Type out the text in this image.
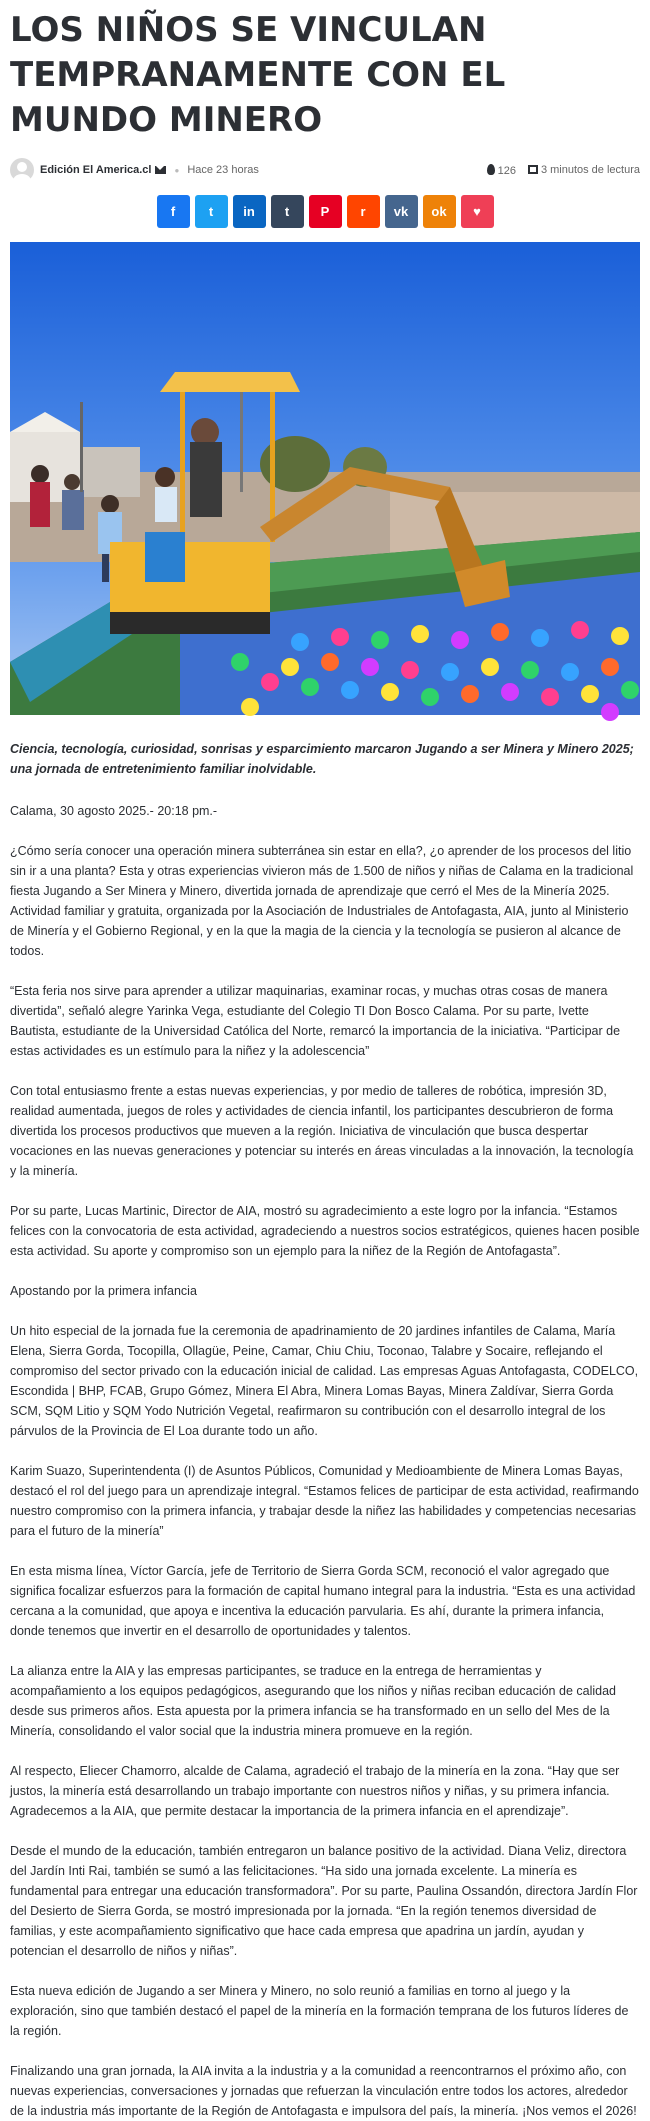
LOS NIÑOS SE VINCULAN TEMPRANAMENTE CON EL MUNDO MINERO
Edición El America.cl	● Hace 23 horas	126	3 minutos de lectura
f	t in t P r vk ok ♥

Ciencia, tecnología, curiosidad, sonrisas y esparcimiento marcaron Jugando a ser Minera y Minero 2025; una jornada de entretenimiento familiar inolvidable.

Calama, 30 agosto 2025.- 20:18 pm.-

¿Cómo sería conocer una operación minera subterránea sin estar en ella?, ¿o aprender de los procesos del litio sin ir a una planta? Esta y otras experiencias vivieron más de 1.500 de niños y niñas de Calama en la tradicional fiesta Jugando a Ser Minera y Minero, divertida jornada de aprendizaje que cerró el Mes de la Minería 2025. Actividad familiar y gratuita, organizada por la Asociación de Industriales de Antofagasta, AIA, junto al Ministerio de Minería y el Gobierno Regional, y en la que la magia de la ciencia y la tecnología se pusieron al alcance de todos.

“Esta feria nos sirve para aprender a utilizar maquinarias, examinar rocas, y muchas otras cosas de manera divertida”, señaló alegre Yarinka Vega, estudiante del Colegio TI Don Bosco Calama. Por su parte, Ivette Bautista, estudiante de la Universidad Católica del Norte, remarcó la importancia de la iniciativa. “Participar de estas actividades es un estímulo para la niñez y la adolescencia”

Con total entusiasmo frente a estas nuevas experiencias, y por medio de talleres de robótica, impresión 3D, realidad aumentada, juegos de roles y actividades de ciencia infantil, los participantes descubrieron de forma divertida los procesos productivos que mueven a la región. Iniciativa de vinculación que busca despertar vocaciones en las nuevas generaciones y potenciar su interés en áreas vinculadas a la innovación, la tecnología y la minería.

Por su parte, Lucas Martinic, Director de AIA, mostró su agradecimiento a este logro por la infancia. “Estamos felices con la convocatoria de esta actividad, agradeciendo a nuestros socios estratégicos, quienes hacen posible esta actividad. Su aporte y compromiso son un ejemplo para la niñez de la Región de Antofagasta”.

Apostando por la primera infancia

Un hito especial de la jornada fue la ceremonia de apadrinamiento de 20 jardines infantiles de Calama, María Elena, Sierra Gorda, Tocopilla, Ollagüe, Peine, Camar, Chiu Chiu, Toconao, Talabre y Socaire, reflejando el compromiso del sector privado con la educación inicial de calidad. Las empresas Aguas Antofagasta, CODELCO, Escondida | BHP, FCAB, Grupo Gómez, Minera El Abra, Minera Lomas Bayas, Minera Zaldívar, Sierra Gorda SCM, SQM Litio y SQM Yodo Nutrición Vegetal, reafirmaron su contribución con el desarrollo integral de los párvulos de la Provincia de El Loa durante todo un año.

Karim Suazo, Superintendenta (I) de Asuntos Públicos, Comunidad y Medioambiente de Minera Lomas Bayas, destacó el rol del juego para un aprendizaje integral. “Estamos felices de participar de esta actividad, reafirmando nuestro compromiso con la primera infancia, y trabajar desde la niñez las habilidades y competencias necesarias para el futuro de la minería”

En esta misma línea, Víctor García, jefe de Territorio de Sierra Gorda SCM, reconoció el valor agregado que significa focalizar esfuerzos para la formación de capital humano integral para la industria. “Esta es una actividad cercana a la comunidad, que apoya e incentiva la educación parvularia. Es ahí, durante la primera infancia, donde tenemos que invertir en el desarrollo de oportunidades y talentos.

La alianza entre la AIA y las empresas participantes, se traduce en la entrega de herramientas y acompañamiento a los equipos pedagógicos, asegurando que los niños y niñas reciban educación de calidad desde sus primeros años. Esta apuesta por la primera infancia se ha transformado en un sello del Mes de la Minería, consolidando el valor social que la industria minera promueve en la región.

Al respecto, Eliecer Chamorro, alcalde de Calama, agradeció el trabajo de la minería en la zona. “Hay que ser justos, la minería está desarrollando un trabajo importante con nuestros niños y niñas, y su primera infancia. Agradecemos a la AIA, que permite destacar la importancia de la primera infancia en el aprendizaje”.

Desde el mundo de la educación, también entregaron un balance positivo de la actividad. Diana Veliz, directora del Jardín Inti Rai, también se sumó a las felicitaciones. “Ha sido una jornada excelente. La minería es fundamental para entregar una educación transformadora”. Por su parte, Paulina Ossandón, directora Jardín Flor del Desierto de Sierra Gorda, se mostró impresionada por la jornada. “En la región tenemos diversidad de familias, y este acompañamiento significativo que hace cada empresa que apadrina un jardín, ayudan y potencian el desarrollo de niños y niñas”.

Esta nueva edición de Jugando a ser Minera y Minero, no solo reunió a familias en torno al juego y la exploración, sino que también destacó el papel de la minería en la formación temprana de los futuros líderes de la región.

Finalizando una gran jornada, la AIA invita a la industria y a la comunidad a reencontrarnos el próximo año, con nuevas experiencias, conversaciones y jornadas que refuerzan la vinculación entre todos los actores, alrededor de la industria más importante de la Región de Antofagasta e impulsora del país, la minería. ¡Nos vemos el 2026!
